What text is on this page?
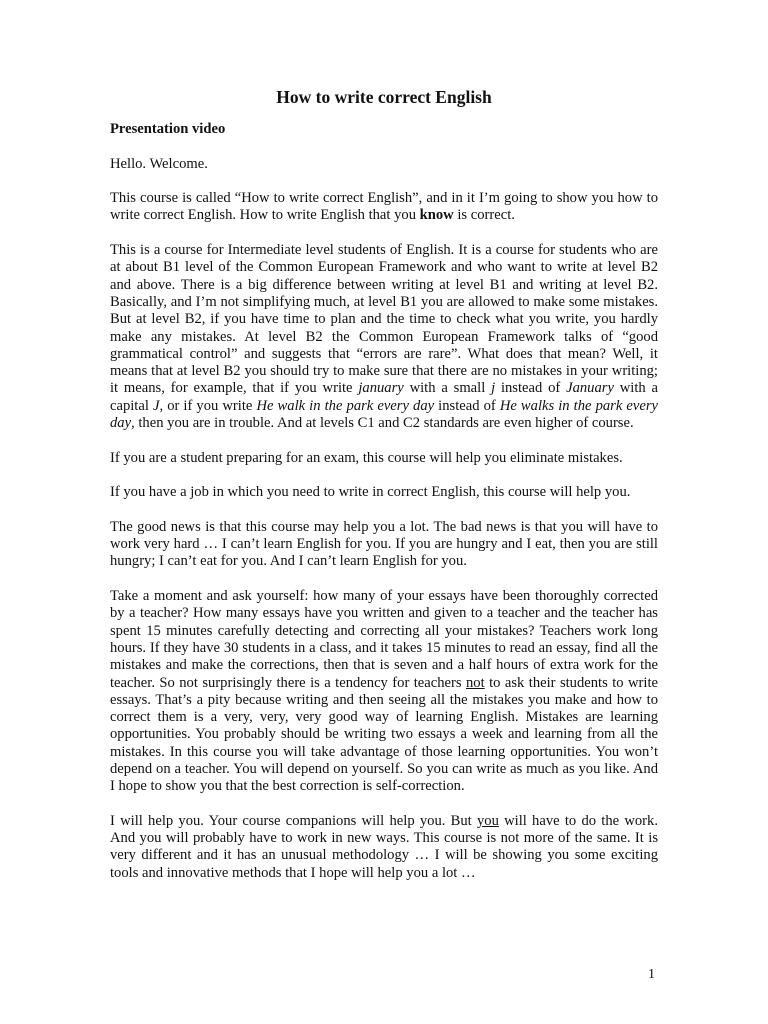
How to write correct English

Presentation video

Hello. Welcome.

This course is called “How to write correct English”, and in it I’m going to show you how to write correct English. How to write English that you know is correct.

This is a course for Intermediate level students of English. It is a course for students who are at about B1 level of the Common European Framework and who want to write at level B2 and above. There is a big difference between writing at level B1 and writing at level B2. Basically, and I’m not simplifying much, at level B1 you are allowed to make some mistakes. But at level B2, if you have time to plan and the time to check what you write, you hardly make any mistakes. At level B2 the Common European Framework talks of “good grammatical control” and suggests that “errors are rare”. What does that mean? Well, it means that at level B2 you should try to make sure that there are no mistakes in your writing; it means, for example, that if you write january with a small j instead of January with a capital J, or if you write He walk in the park every day instead of He walks in the park every day, then you are in trouble. And at levels C1 and C2 standards are even higher of course.

If you are a student preparing for an exam, this course will help you eliminate mistakes.

If you have a job in which you need to write in correct English, this course will help you.

The good news is that this course may help you a lot. The bad news is that you will have to work very hard … I can’t learn English for you. If you are hungry and I eat, then you are still hungry; I can’t eat for you. And I can’t learn English for you.

Take a moment and ask yourself: how many of your essays have been thoroughly corrected by a teacher? How many essays have you written and given to a teacher and the teacher has spent 15 minutes carefully detecting and correcting all your mistakes? Teachers work long hours. If they have 30 students in a class, and it takes 15 minutes to read an essay, find all the mistakes and make the corrections, then that is seven and a half hours of extra work for the teacher. So not surprisingly there is a tendency for teachers not to ask their students to write essays. That’s a pity because writing and then seeing all the mistakes you make and how to correct them is a very, very, very good way of learning English. Mistakes are learning opportunities. You probably should be writing two essays a week and learning from all the mistakes. In this course you will take advantage of those learning opportunities. You won’t depend on a teacher. You will depend on yourself. So you can write as much as you like. And I hope to show you that the best correction is self-correction.

I will help you. Your course companions will help you. But you will have to do the work. And you will probably have to work in new ways. This course is not more of the same. It is very different and it has an unusual methodology … I will be showing you some exciting tools and innovative methods that I hope will help you a lot …

1
